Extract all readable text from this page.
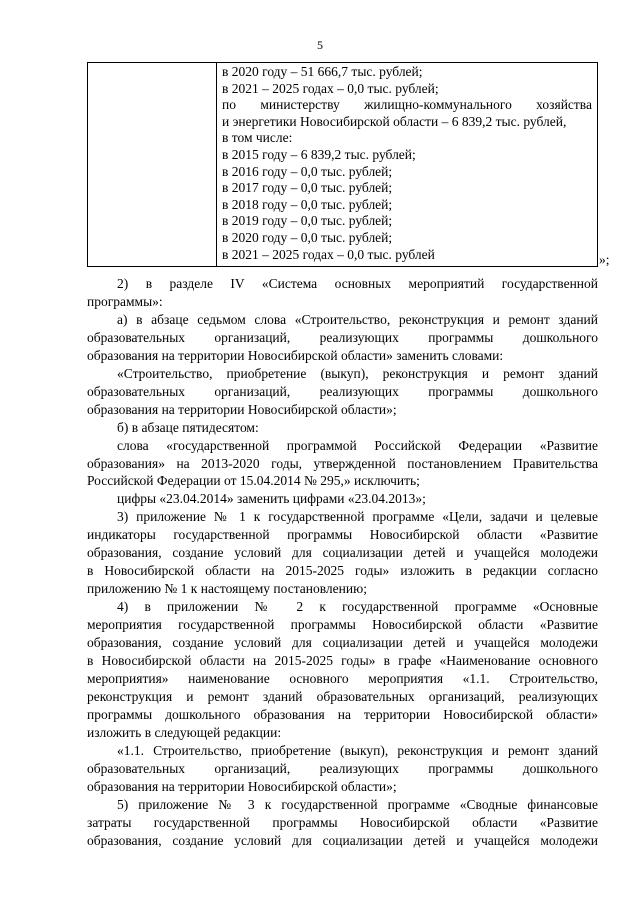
5
в 2020 году – 51 666,7 тыс. рублей;
в 2021 – 2025 годах – 0,0 тыс. рублей;
по министерству жилищно-коммунального хозяйства
и энергетики Новосибирской области – 6 839,2 тыс. рублей,
в том числе:
в 2015 году – 6 839,2 тыс. рублей;
в 2016 году – 0,0 тыс. рублей;
в 2017 году – 0,0 тыс. рублей;
в 2018 году – 0,0 тыс. рублей;
в 2019 году – 0,0 тыс. рублей;
в 2020 году – 0,0 тыс. рублей;
в 2021 – 2025 годах – 0,0 тыс. рублей	»;
2) в разделе IV «Система основных мероприятий государственной
программы»:
а) в абзаце седьмом слова «Строительство, реконструкция и ремонт зданий
образовательных организаций, реализующих программы дошкольного
образования на территории Новосибирской области» заменить словами:
«Строительство, приобретение (выкуп), реконструкция и ремонт зданий
образовательных организаций, реализующих программы дошкольного
образования на территории Новосибирской области»;
б) в абзаце пятидесятом:
слова «государственной программой Российской Федерации «Развитие
образования» на 2013-2020 годы, утвержденной постановлением Правительства
Российской Федерации от 15.04.2014 № 295,» исключить;
цифры «23.04.2014» заменить цифрами «23.04.2013»;
3) приложение № 1 к государственной программе «Цели, задачи и целевые
индикаторы государственной программы Новосибирской области «Развитие
образования, создание условий для социализации детей и учащейся молодежи
в Новосибирской области на 2015-2025 годы» изложить в редакции согласно
приложению № 1 к настоящему постановлению;
4) в приложении № 2 к государственной программе «Основные
мероприятия государственной программы Новосибирской области «Развитие
образования, создание условий для социализации детей и учащейся молодежи
в Новосибирской области на 2015-2025 годы» в графе «Наименование основного
мероприятия» наименование основного мероприятия «1.1. Строительство,
реконструкция и ремонт зданий образовательных организаций, реализующих
программы дошкольного образования на территории Новосибирской области»
изложить в следующей редакции:
«1.1. Строительство, приобретение (выкуп), реконструкция и ремонт зданий
образовательных организаций, реализующих программы дошкольного
образования на территории Новосибирской области»;
5) приложение № 3 к государственной программе «Сводные финансовые
затраты государственной программы Новосибирской области «Развитие
образования, создание условий для социализации детей и учащейся молодежи
